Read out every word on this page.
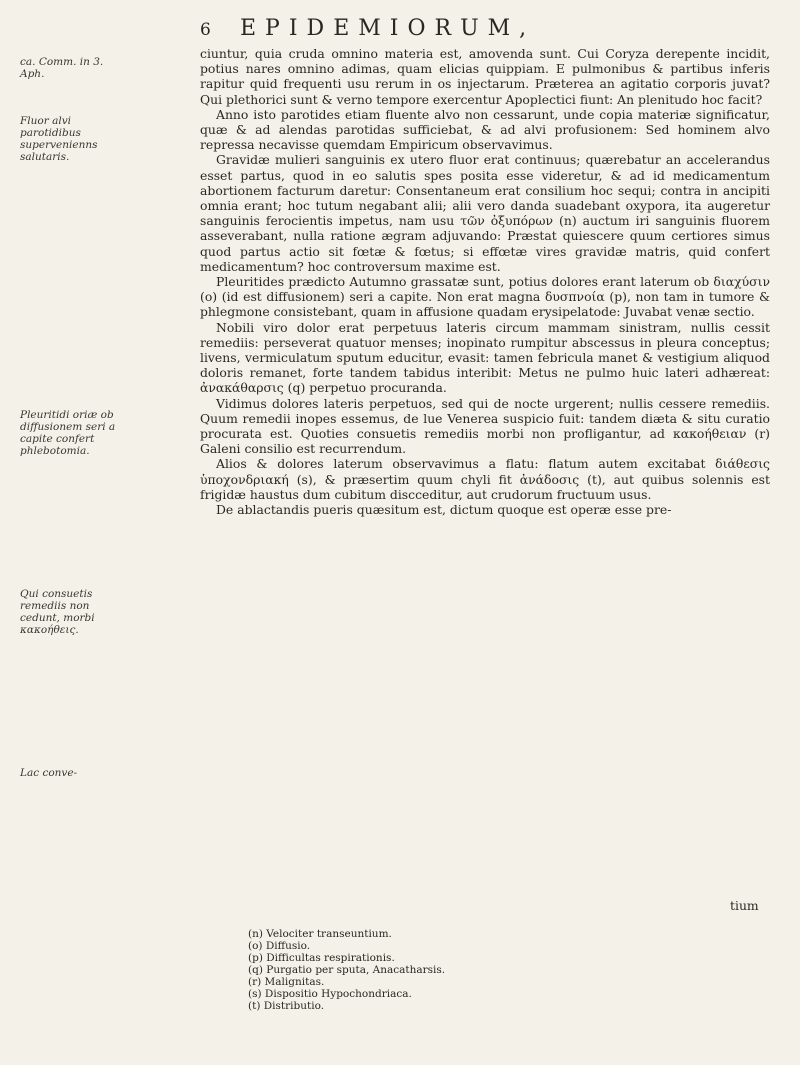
6	EPIDEMIORUM,
ca. Comm. in 3. Aph.
Fluor alvi parotidibus supervenienns salutaris.
Pleuritidi oriæ ob diffusionem seri a capite confert phlebotomia.
Qui consuetis remediis non cedunt, morbi κακοήθεις.
Lac conve-

ciuntur, quia cruda omnino materia est, amovenda sunt. Cui Coryza derepente incidit, potius nares omnino adimas, quam elicias quippiam. E pulmonibus & partibus inferis rapitur quid frequenti usu rerum in os injectarum. Præterea an agitatio corporis juvat? Qui plethorici sunt & verno tempore exercentur Apoplectici fiunt: An plenitudo hoc facit?

Anno isto parotides etiam fluente alvo non cessarunt, unde copia materiæ significatur, quæ & ad alendas parotidas sufficiebat, & ad alvi profusionem: Sed hominem alvo repressa necavisse quemdam Empiricum observavimus.

Gravidæ mulieri sanguinis ex utero fluor erat continuus; quærebatur an accelerandus esset partus, quod in eo salutis spes posita esse videretur, & ad id medicamentum abortionem facturum daretur: Consentaneum erat consilium hoc sequi; contra in ancipiti omnia erant; hoc tutum negabant alii; alii vero danda suadebant oxypora, ita augeretur sanguinis ferocientis impetus, nam usu τῶν ὀξυπόρων (n) auctum iri sanguinis fluorem asseverabant, nulla ratione ægram adjuvando: Præstat quiescere quum certiores simus quod partus actio sit fœtæ & fœtus; si effœtæ vires gravidæ matris, quid confert medicamentum? hoc controversum maxime est.

Pleuritides prædicto Autumno grassatæ sunt, potius dolores erant laterum ob διαχύσιν (o) (id est diffusionem) seri a capite. Non erat magna δυσπνοία (p), non tam in tumore & phlegmone consistebant, quam in affusione quadam erysipelatode: Juvabat venæ sectio.

Nobili viro dolor erat perpetuus lateris circum mammam sinistram, nullis cessit remediis: perseverat quatuor menses; inopinato rumpitur abscessus in pleura conceptus; livens, vermiculatum sputum educitur, evasit: tamen febricula manet & vestigium aliquod doloris remanet, forte tandem tabidus interibit: Metus ne pulmo huic lateri adhæreat: ἀνακάθαρσις (q) perpetuo procuranda.

Vidimus dolores lateris perpetuos, sed qui de nocte urgerent; nullis cessere remediis. Quum remedii inopes essemus, de lue Venerea suspicio fuit: tandem diæta & situ curatio procurata est. Quoties consuetis remediis morbi non profligantur, ad κακοήθειαν (r) Galeni consilio est recurrendum.

Alios & dolores laterum observavimus a flatu: flatum autem excitabat διάθεσις ὑποχονδριακή (s), & præsertim quum chyli fit ἀνάδοσις (t), aut quibus solennis est frigidæ haustus dum cubitum discceditur, aut crudorum fructuum usus.

De ablactandis pueris quæsitum est, dictum quoque est operæ esse pre-

tium
(n) Velociter transeuntium.
(o) Diffusio.
(p) Difficultas respirationis.
(q) Purgatio per sputa, Anacatharsis.
(r) Malignitas.
(s) Dispositio Hypochondriaca.
(t) Distributio.
